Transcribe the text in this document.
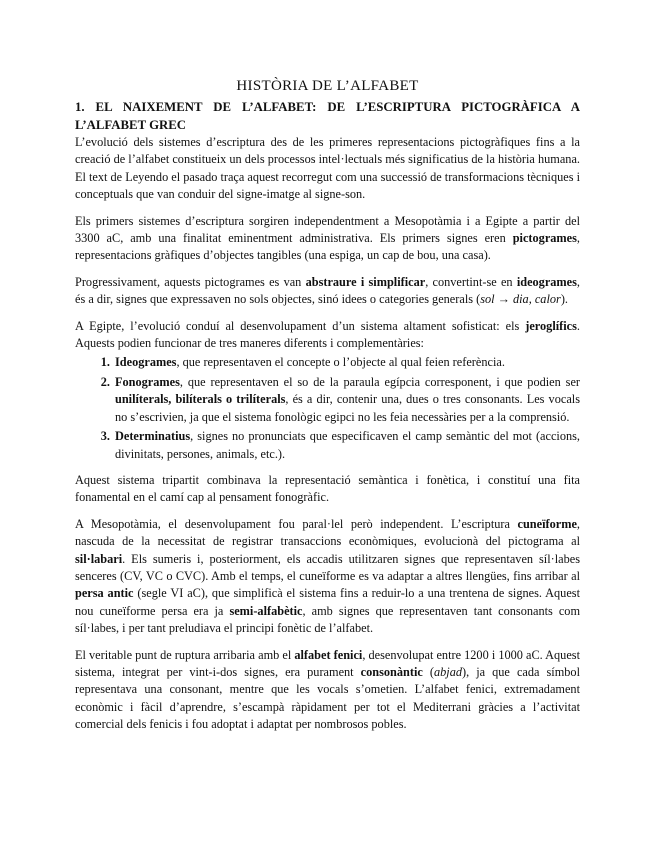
HISTÒRIA DE L’ALFABET
1. EL NAIXEMENT DE L’ALFABET: DE L’ESCRIPTURA PICTOGRÀFICA A L’ALFABET GREC

L’evolució dels sistemes d’escriptura des de les primeres representacions pictogràfiques fins a la creació de l’alfabet constitueix un dels processos intel·lectuals més significatius de la història humana. El text de Leyendo el pasado traça aquest recorregut com una successió de transformacions tècniques i conceptuals que van conduir del signe-imatge al signe-son.

Els primers sistemes d’escriptura sorgiren independentment a Mesopotàmia i a Egipte a partir del 3300 aC, amb una finalitat eminentment administrativa. Els primers signes eren pictogrames, representacions gràfiques d’objectes tangibles (una espiga, un cap de bou, una casa).

Progressivament, aquests pictogrames es van abstraure i simplificar, convertint-se en ideogrames, és a dir, signes que expressaven no sols objectes, sinó idees o categories generals (sol → dia, calor).

A Egipte, l’evolució conduí al desenvolupament d’un sistema altament sofisticat: els jeroglífics. Aquests podien funcionar de tres maneres diferents i complementàries:

1. Ideogrames, que representaven el concepte o l’objecte al qual feien referència.
2. Fonogrames, que representaven el so de la paraula egípcia corresponent, i que podien ser unilíterals, bilíterals o trilíterals, és a dir, contenir una, dues o tres consonants. Les vocals no s’escrivien, ja que el sistema fonològic egipci no les feia necessàries per a la comprensió.
3. Determinatius, signes no pronunciats que especificaven el camp semàntic del mot (accions, divinitats, persones, animals, etc.).

Aquest sistema tripartit combinava la representació semàntica i fonètica, i constituí una fita fonamental en el camí cap al pensament fonogràfic.

A Mesopotàmia, el desenvolupament fou paral·lel però independent. L’escriptura cuneïforme, nascuda de la necessitat de registrar transaccions econòmiques, evolucionà del pictograma al sil·labari. Els sumeris i, posteriorment, els accadis utilitzaren signes que representaven síl·labes senceres (CV, VC o CVC). Amb el temps, el cuneïforme es va adaptar a altres llengües, fins arribar al persa antic (segle VI aC), que simplificà el sistema fins a reduir-lo a una trentena de signes. Aquest nou cuneïforme persa era ja semi-alfabètic, amb signes que representaven tant consonants com síl·labes, i per tant preludiava el principi fonètic de l’alfabet.

El veritable punt de ruptura arribaria amb el alfabet fenici, desenvolupat entre 1200 i 1000 aC. Aquest sistema, integrat per vint-i-dos signes, era purament consonàntic (abjad), ja que cada símbol representava una consonant, mentre que les vocals s’ometien. L’alfabet fenici, extremadament econòmic i fàcil d’aprendre, s’escampà ràpidament per tot el Mediterrani gràcies a l’activitat comercial dels fenicis i fou adoptat i adaptat per nombrosos pobles.
